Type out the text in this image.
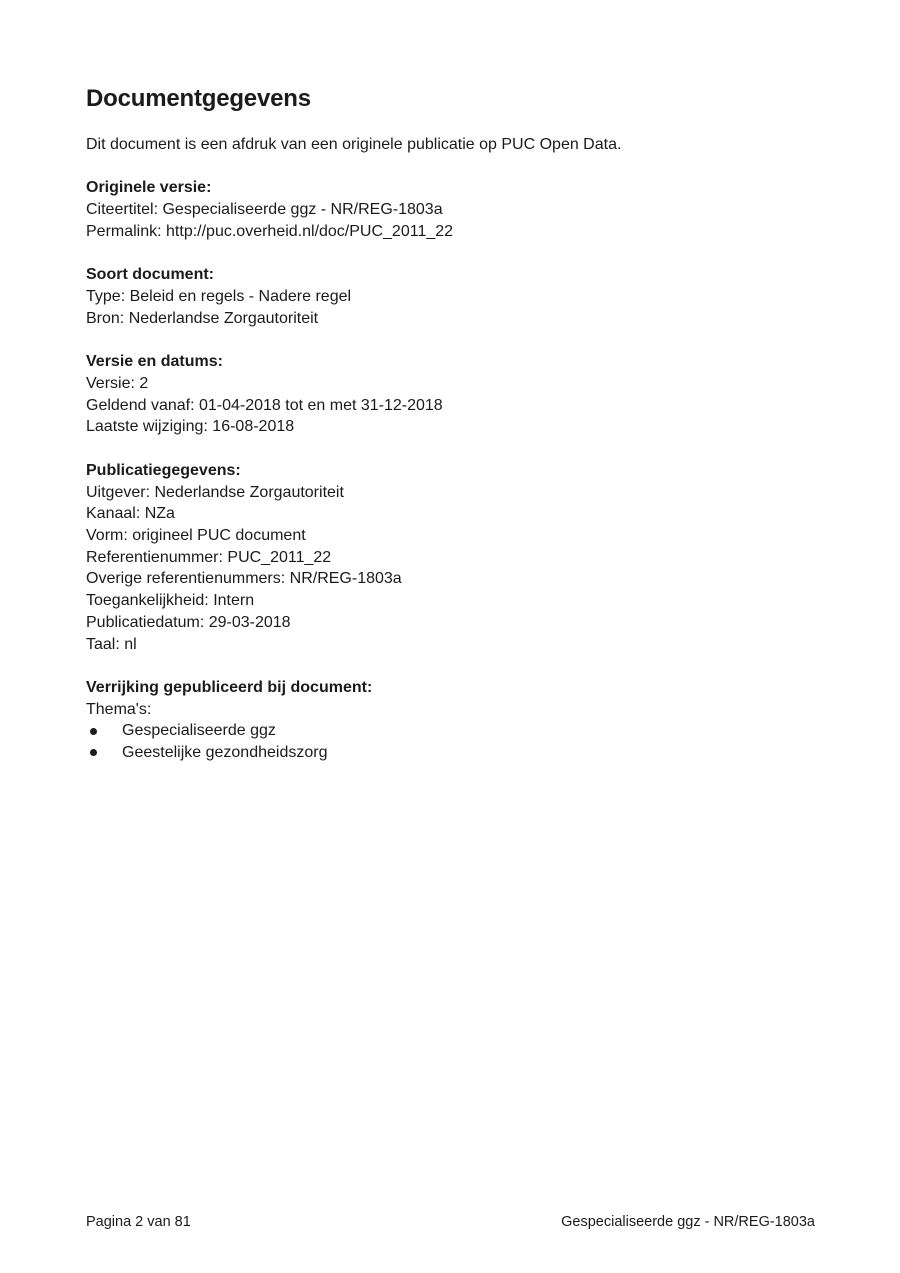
Documentgegevens
Dit document is een afdruk van een originele publicatie op PUC Open Data.
Originele versie:
Citeertitel: Gespecialiseerde ggz - NR/REG-1803a
Permalink: http://puc.overheid.nl/doc/PUC_2011_22
Soort document:
Type: Beleid en regels - Nadere regel
Bron: Nederlandse Zorgautoriteit
Versie en datums:
Versie: 2
Geldend vanaf: 01-04-2018 tot en met 31-12-2018
Laatste wijziging: 16-08-2018
Publicatiegegevens:
Uitgever: Nederlandse Zorgautoriteit
Kanaal: NZa
Vorm: origineel PUC document
Referentienummer: PUC_2011_22
Overige referentienummers: NR/REG-1803a
Toegankelijkheid: Intern
Publicatiedatum: 29-03-2018
Taal: nl
Verrijking gepubliceerd bij document:
Thema's:
Gespecialiseerde ggz
Geestelijke gezondheidszorg
Pagina 2 van 81	Gespecialiseerde ggz - NR/REG-1803a
